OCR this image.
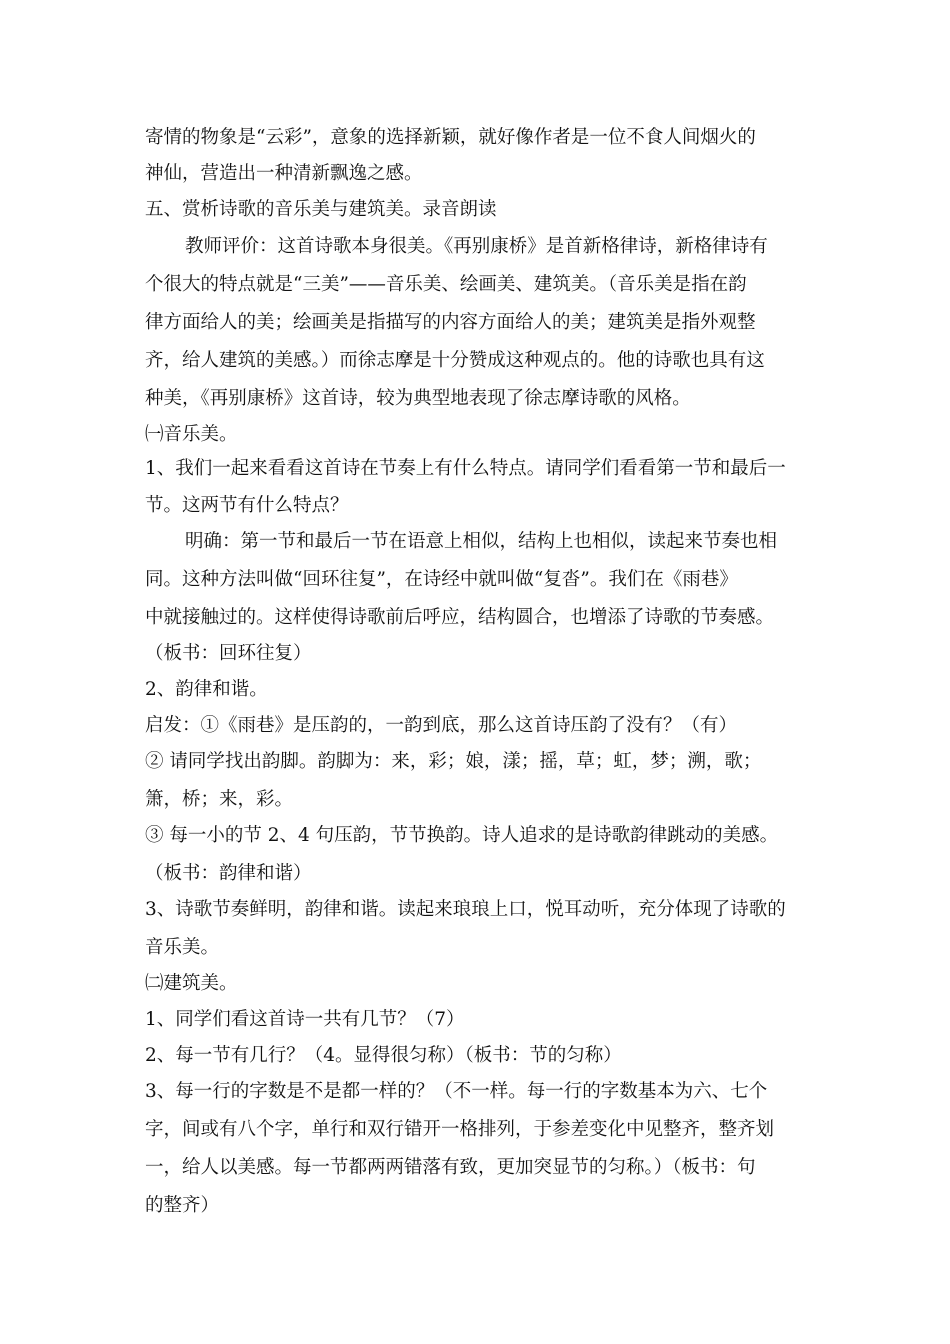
寄情的物象是“云彩”，意象的选择新颖，就好像作者是一位不食人间烟火的
神仙，营造出一种清新飘逸之感。
五、赏析诗歌的音乐美与建筑美。录音朗读
教师评价：这首诗歌本身很美。《再别康桥》是首新格律诗，新格律诗有
个很大的特点就是“三美”——音乐美、绘画美、建筑美。（音乐美是指在韵
律方面给人的美；绘画美是指描写的内容方面给人的美；建筑美是指外观整
齐，给人建筑的美感。）而徐志摩是十分赞成这种观点的。他的诗歌也具有这
种美，《再别康桥》这首诗，较为典型地表现了徐志摩诗歌的风格。
㈠音乐美。
1、我们一起来看看这首诗在节奏上有什么特点。请同学们看看第一节和最后一
节。这两节有什么特点？
明确：第一节和最后一节在语意上相似，结构上也相似，读起来节奏也相
同。这种方法叫做“回环往复”，在诗经中就叫做“复沓”。我们在《雨巷》
中就接触过的。这样使得诗歌前后呼应，结构圆合，也增添了诗歌的节奏感。
（板书：回环往复）
2、韵律和谐。
启发：①《雨巷》是压韵的，一韵到底，那么这首诗压韵了没有？（有）
② 请同学找出韵脚。韵脚为：来，彩；娘，漾；摇，草；虹，梦；溯，歌；
箫，桥；来，彩。
③ 每一小的节 2、4 句压韵，节节换韵。诗人追求的是诗歌韵律跳动的美感。
（板书：韵律和谐）
3、诗歌节奏鲜明，韵律和谐。读起来琅琅上口，悦耳动听，充分体现了诗歌的
音乐美。
㈡建筑美。
1、同学们看这首诗一共有几节？（7）
2、每一节有几行？（4。显得很匀称）（板书：节的匀称）
3、每一行的字数是不是都一样的？（不一样。每一行的字数基本为六、七个
字，间或有八个字，单行和双行错开一格排列，于参差变化中见整齐，整齐划
一，给人以美感。每一节都两两错落有致，更加突显节的匀称。）（板书：句
的整齐）
